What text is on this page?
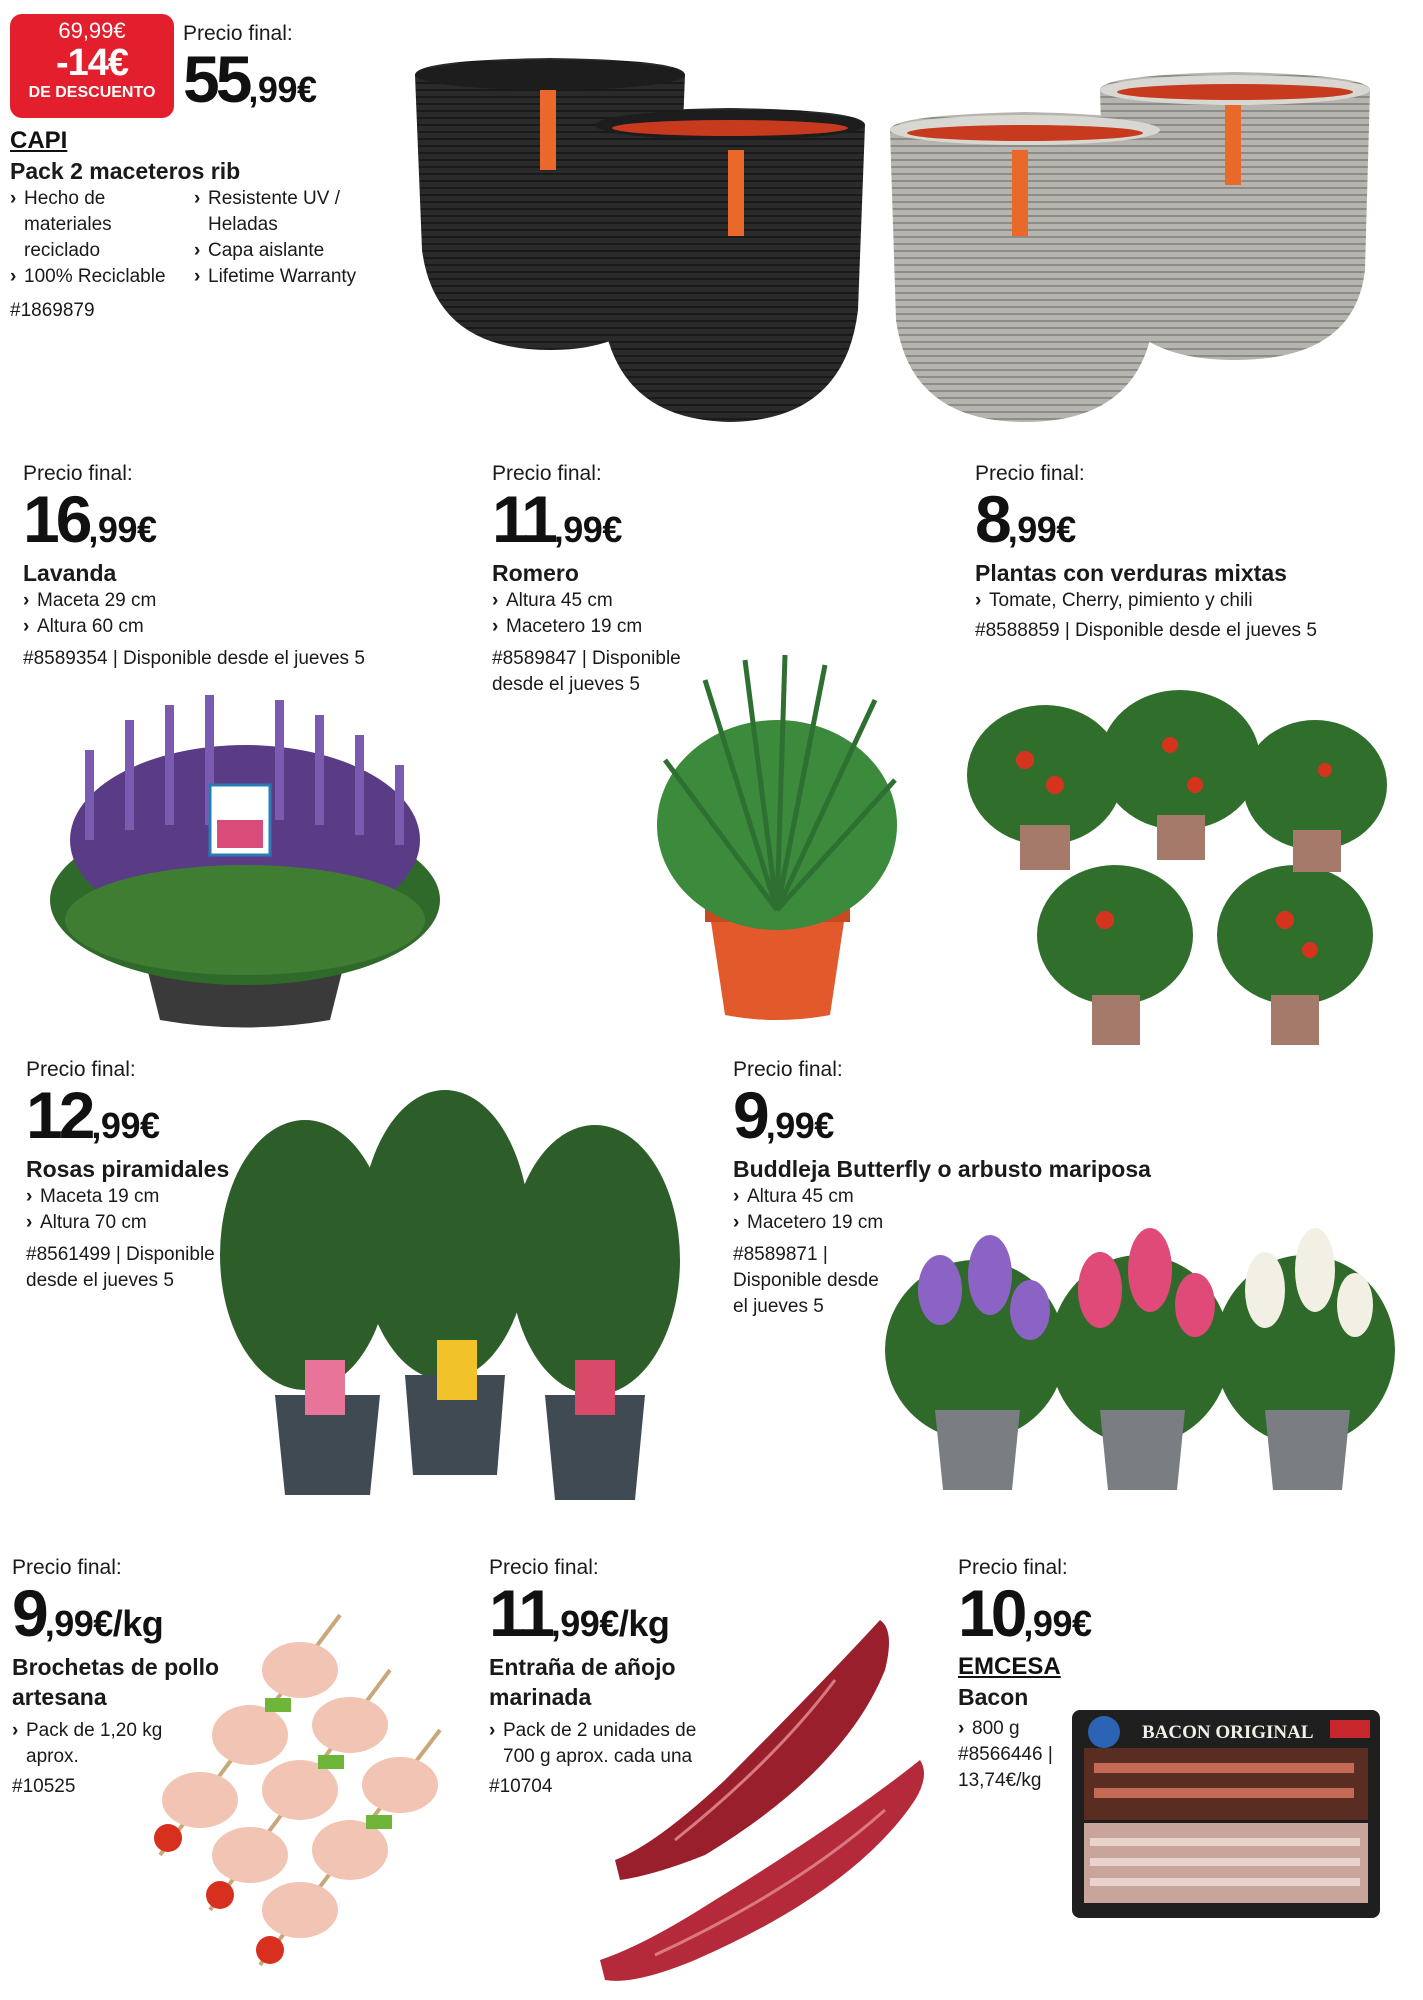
69,99€
-14€
DE DESCUENTO
Precio final:
55,99€
CAPI
Pack 2 maceteros rib
› Hecho de materiales reciclado
› 100% Reciclable
› Resistente UV / Heladas
› Capa aislante
› Lifetime Warranty
#1869879
Precio final:
16,99€
Lavanda
› Maceta 29 cm
› Altura 60 cm
#8589354 | Disponible desde el jueves 5
Precio final:
11,99€
Romero
› Altura 45 cm
› Macetero 19 cm
#8589847 | Disponible desde el jueves 5
Precio final:
8,99€
Plantas con verduras mixtas
› Tomate, Cherry, pimiento y chili
#8588859 | Disponible desde el jueves 5
Precio final:
12,99€
Rosas piramidales
› Maceta 19 cm
› Altura 70 cm
#8561499 | Disponible desde el jueves 5
Precio final:
9,99€
Buddleja Butterfly o arbusto mariposa
› Altura 45 cm
› Macetero 19 cm
#8589871 | Disponible desde el jueves 5
Precio final:
9,99€/kg
Brochetas de pollo artesana
› Pack de 1,20 kg aprox.
#10525
Precio final:
11,99€/kg
Entraña de añojo marinada
› Pack de 2 unidades de 700 g aprox. cada una
#10704
Precio final:
10,99€
EMCESA
Bacon
› 800 g
#8566446 | 13,74€/kg
BACON ORIGINAL
